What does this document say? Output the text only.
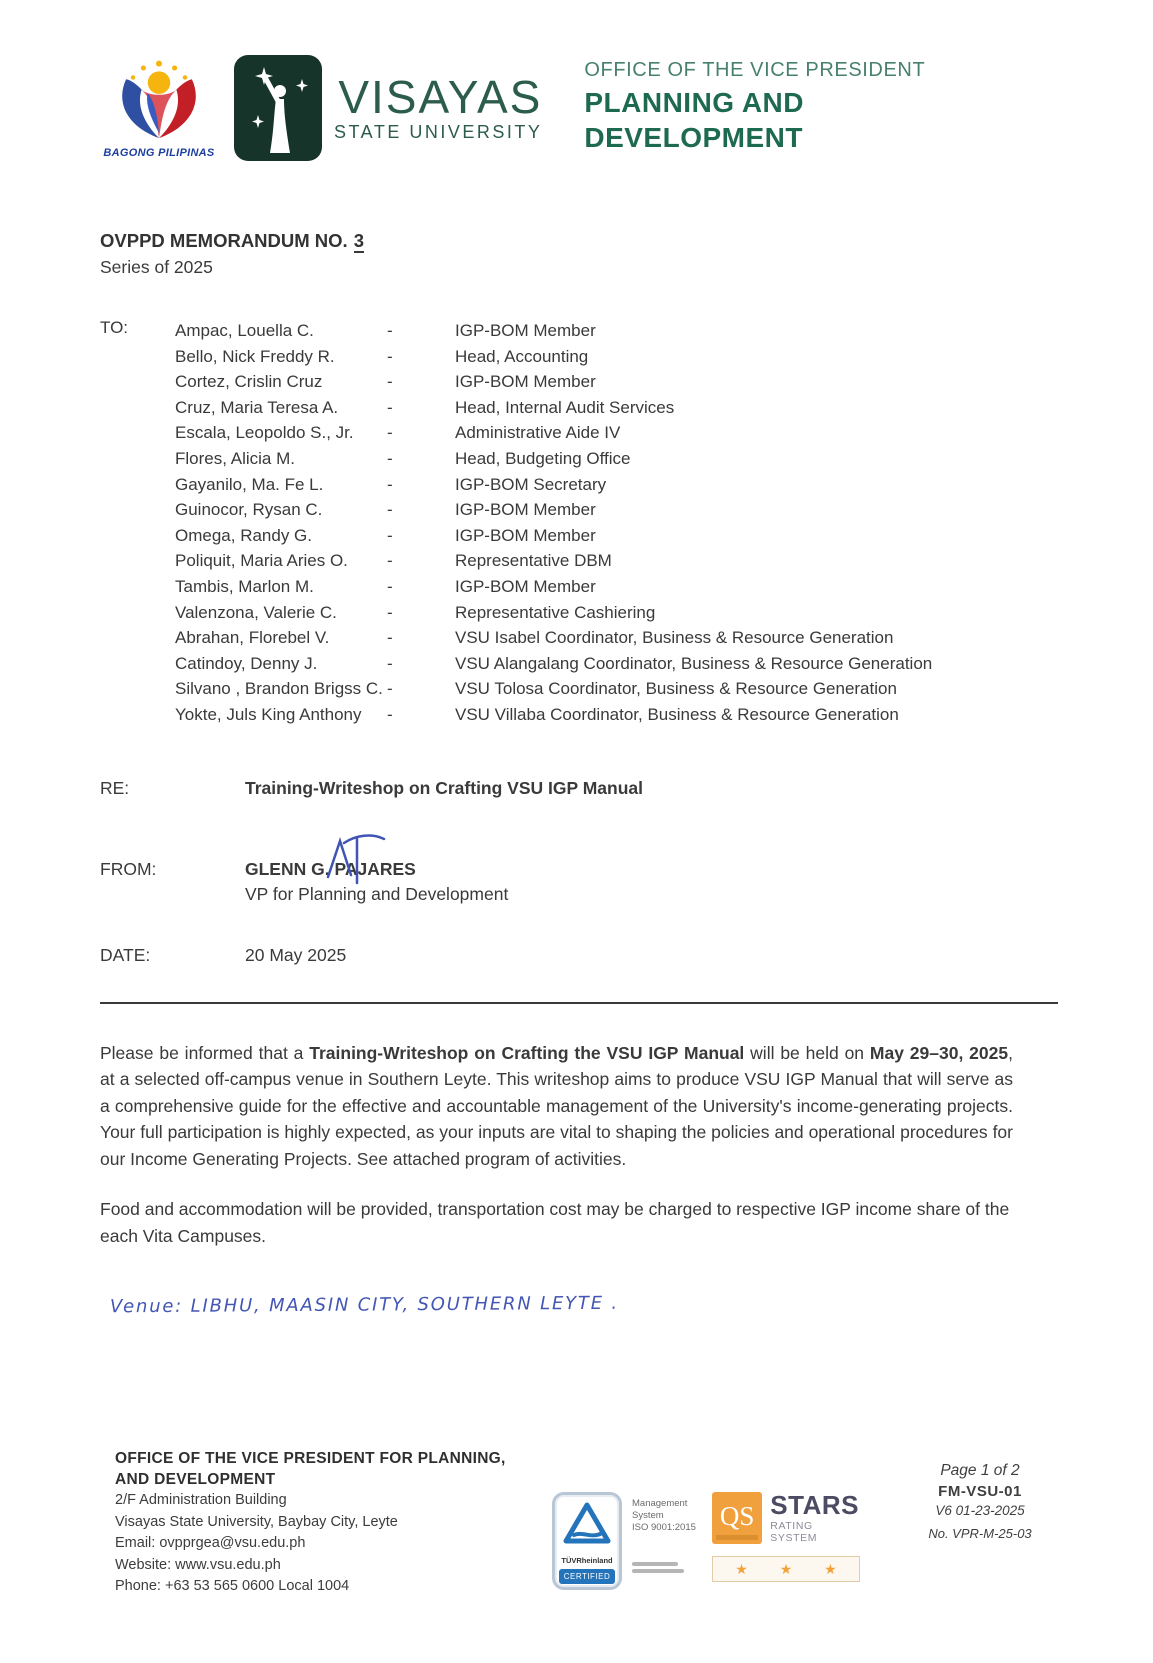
BAGONG PILIPINAS
VISAYAS
STATE UNIVERSITY
OFFICE OF THE VICE PRESIDENT
PLANNING AND
DEVELOPMENT
OVPPD MEMORANDUM NO. 3
Series of 2025
TO:	Ampac, Louella C.	-	IGP-BOM Member
Bello, Nick Freddy R.	-	Head, Accounting
Cortez, Crislin Cruz	-	IGP-BOM Member
Cruz, Maria Teresa A.	-	Head, Internal Audit Services
Escala, Leopoldo S., Jr.	-	Administrative Aide IV
Flores, Alicia M.	-	Head, Budgeting Office
Gayanilo, Ma. Fe L.	-	IGP-BOM Secretary
Guinocor, Rysan C.	-	IGP-BOM Member
Omega, Randy G.	-	IGP-BOM Member
Poliquit, Maria Aries O.	-	Representative DBM
Tambis, Marlon M.	-	IGP-BOM Member
Valenzona, Valerie C.	-	Representative Cashiering
Abrahan, Florebel V.	-	VSU Isabel Coordinator, Business & Resource Generation
Catindoy, Denny J.	-	VSU Alangalang Coordinator, Business & Resource Generation
Silvano , Brandon Brigss C. -	VSU Tolosa Coordinator, Business & Resource Generation
Yokte, Juls King Anthony	-	VSU Villaba Coordinator, Business & Resource Generation
RE:	Training-Writeshop on Crafting VSU IGP Manual
FROM:	GLENN G. PAJARES
VP for Planning and Development
DATE:	20 May 2025

Please be informed that a Training-Writeshop on Crafting the VSU IGP Manual will be held on May 29–30, 2025, at a selected off-campus venue in Southern Leyte. This writeshop aims to produce VSU IGP Manual that will serve as a comprehensive guide for the effective and accountable management of the University's income-generating projects. Your full participation is highly expected, as your inputs are vital to shaping the policies and operational procedures for our Income Generating Projects. See attached program of activities.

Food and accommodation will be provided, transportation cost may be charged to respective IGP income share of the each Vita Campuses.

Venue: LIBHU, MAASIN CITY, SOUTHERN LEYTE .
OFFICE OF THE VICE PRESIDENT FOR PLANNING,
AND DEVELOPMENT
2/F Administration Building
Visayas State University, Baybay City, Leyte
Email: ovpprgea@vsu.edu.ph
Website: www.vsu.edu.ph
Phone: +63 53 565 0600 Local 1004
TÜVRheinland
CERTIFIED
Management
System
ISO 9001:2015 QS STARS
RATING SYSTEM
★ ★ ★
Page 1 of 2
FM-VSU-01
V6 01-23-2025
No. VPR-M-25-03
